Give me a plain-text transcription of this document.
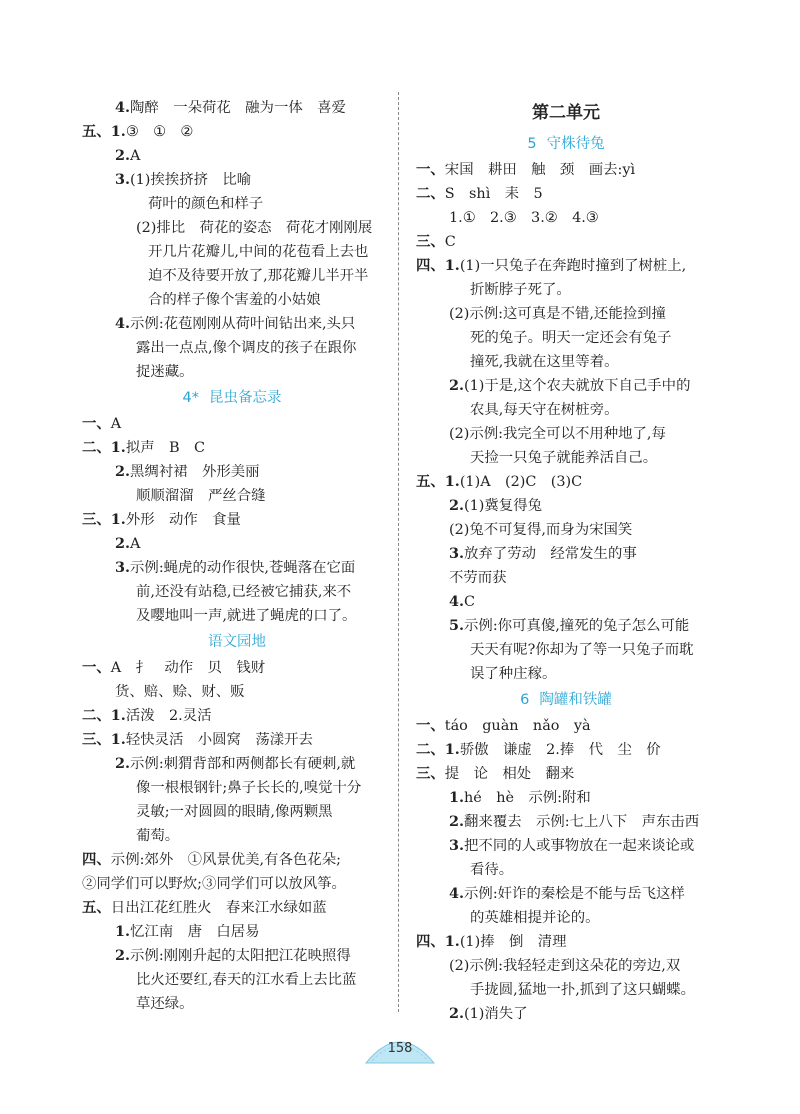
4.陶醉　一朵荷花　融为一体　喜爱
五、1.③　①　②
2.A
3.(1)挨挨挤挤　比喻
荷叶的颜色和样子
(2)排比　荷花的姿态　荷花才刚刚展
开几片花瓣儿,中间的花苞看上去也
迫不及待要开放了,那花瓣儿半开半
合的样子像个害羞的小姑娘
4.示例:花苞刚刚从荷叶间钻出来,头只
露出一点点,像个调皮的孩子在跟你
捉迷藏。
4* 昆虫备忘录
一、A
二、1.拟声　B　C
2.黑绸衬裙　外形美丽
顺顺溜溜　严丝合缝
三、1.外形　动作　食量
2.A
3.示例:蝇虎的动作很快,苍蝇落在它面
前,还没有站稳,已经被它捕获,来不
及嘤地叫一声,就进了蝇虎的口了。
语文园地
一、A　扌　动作　贝　钱财
货、赔、赊、财、贩
二、1.活泼　2.灵活
三、1.轻快灵活　小圆窝　荡漾开去
2.示例:刺猬背部和两侧都长有硬刺,就
像一根根钢针;鼻子长长的,嗅觉十分
灵敏;一对圆圆的眼睛,像两颗黑
葡萄。
四、示例:郊外　①风景优美,有各色花朵;
②同学们可以野炊;③同学们可以放风筝。
五、日出江花红胜火　春来江水绿如蓝
1.忆江南　唐　白居易
2.示例:刚刚升起的太阳把江花映照得
比火还要红,春天的江水看上去比蓝
草还绿。
第二单元
5 守株待兔
一、宋国　耕田　触　颈　画去:yì
二、S　shì　耒　5
1.①　2.③　3.②　4.③
三、C
四、1.(1)一只兔子在奔跑时撞到了树桩上,
折断脖子死了。
(2)示例:这可真是不错,还能捡到撞
死的兔子。明天一定还会有兔子
撞死,我就在这里等着。
2.(1)于是,这个农夫就放下自己手中的
农具,每天守在树桩旁。
(2)示例:我完全可以不用种地了,每
天捡一只兔子就能养活自己。
五、1.(1)A　(2)C　(3)C
2.(1)冀复得兔
(2)兔不可复得,而身为宋国笑
3.放弃了劳动　经常发生的事
不劳而获
4.C
5.示例:你可真傻,撞死的兔子怎么可能
天天有呢?你却为了等一只兔子而耽
误了种庄稼。
6 陶罐和铁罐
一、táo　guàn　nǎo　yà
二、1.骄傲　谦虚　2.捧　代　尘　价
三、提　论　相处　翻来
1.hé　hè　示例:附和
2.翻来覆去　示例:七上八下　声东击西
3.把不同的人或事物放在一起来谈论或
看待。
4.示例:奸诈的秦桧是不能与岳飞这样
的英雄相提并论的。
四、1.(1)捧　倒　清理
(2)示例:我轻轻走到这朵花的旁边,双
手拢圆,猛地一扑,抓到了这只蝴蝶。
2.(1)消失了
158
